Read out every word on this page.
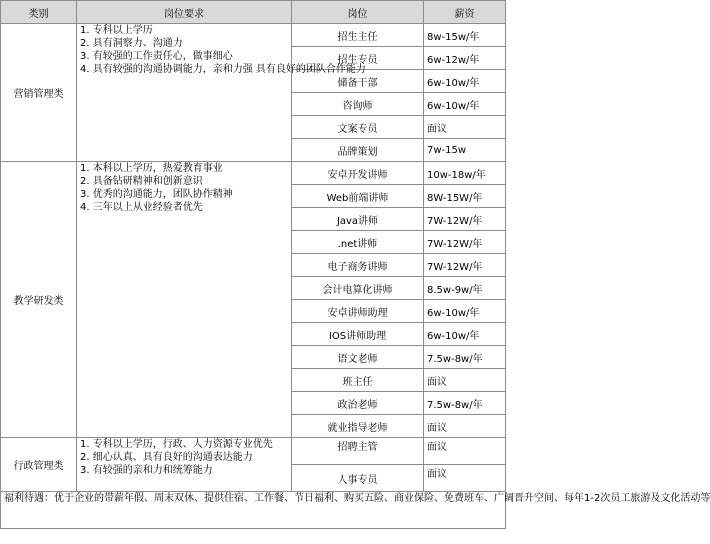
类别	岗位要求	岗位	薪资
营销管理类	1. 专科以上学历
2. 具有洞察力、沟通力
3. 有较强的工作责任心，做事细心
4. 具有较强的沟通协调能力，亲和力强 具有良好的团队合作能力	招生主任	8w-15w/年
		招生专员	6w-12w/年
		储备干部	6w-10w/年
		咨询师	6w-10w/年
		文案专员	面议
		品牌策划	7w-15w
教学研发类	1. 本科以上学历，热爱教育事业
2. 具备钻研精神和创新意识
3. 优秀的沟通能力，团队协作精神
4. 三年以上从业经验者优先	安卓开发讲师	10w-18w/年
		Web前端讲师	8W-15W/年
		Java讲师	7W-12W/年
		.net讲师	7W-12W/年
		电子商务讲师	7W-12W/年
		会计电算化讲师	8.5w-9w/年
		安卓讲师助理	6w-10w/年
		IOS讲师助理	6w-10w/年
		语文老师	7.5w-8w/年
		班主任	面议
		政治老师	7.5w-8w/年
		就业指导老师	面议
行政管理类	1. 专科以上学历，行政、人力资源专业优先
2. 细心认真、具有良好的沟通表达能力
3. 有较强的亲和力和统筹能力	招聘主管	面议
		人事专员	面议
福利待遇：优于企业的带薪年假、周末双休、提供住宿、工作餐、节日福利、购买五险、商业保险、免费班车、广阔晋升空间、每年1-2次员工旅游及文化活动等			
